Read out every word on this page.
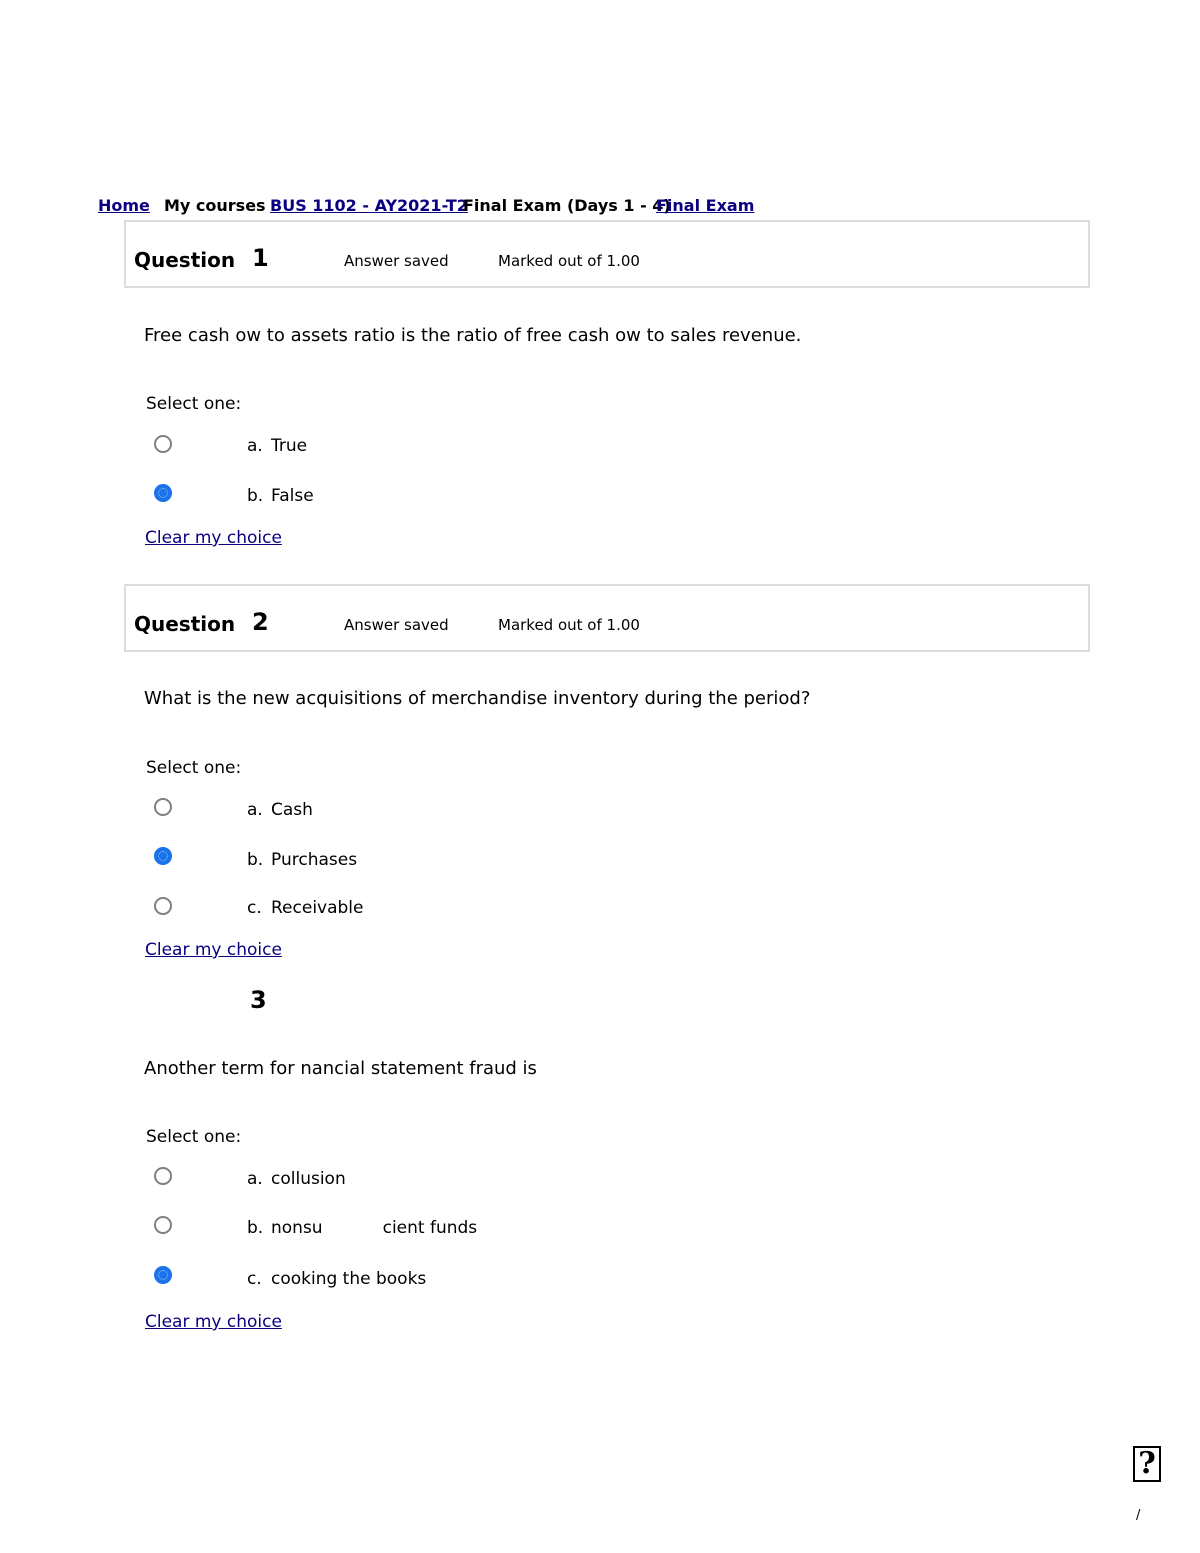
Home My courses BUS 1102 - AY2021-T2
Final Exam (Days 1 - 4)
Final Exam
Question 1	Answer saved	Marked out of 1.00
Free cash ow to assets ratio is the ratio of free cash ow to sales revenue.
Select one:
a. True
b. False
Clear my choice
Question 2	Answer saved	Marked out of 1.00
What is the new acquisitions of merchandise inventory during the period?
Select one:
a. Cash
b. Purchases
c. Receivable
Clear my choice
3
Another term for nancial statement fraud is
Select one:
a. collusion
b. nonsu	cient funds
c. cooking the books
Clear my choice
?
/
